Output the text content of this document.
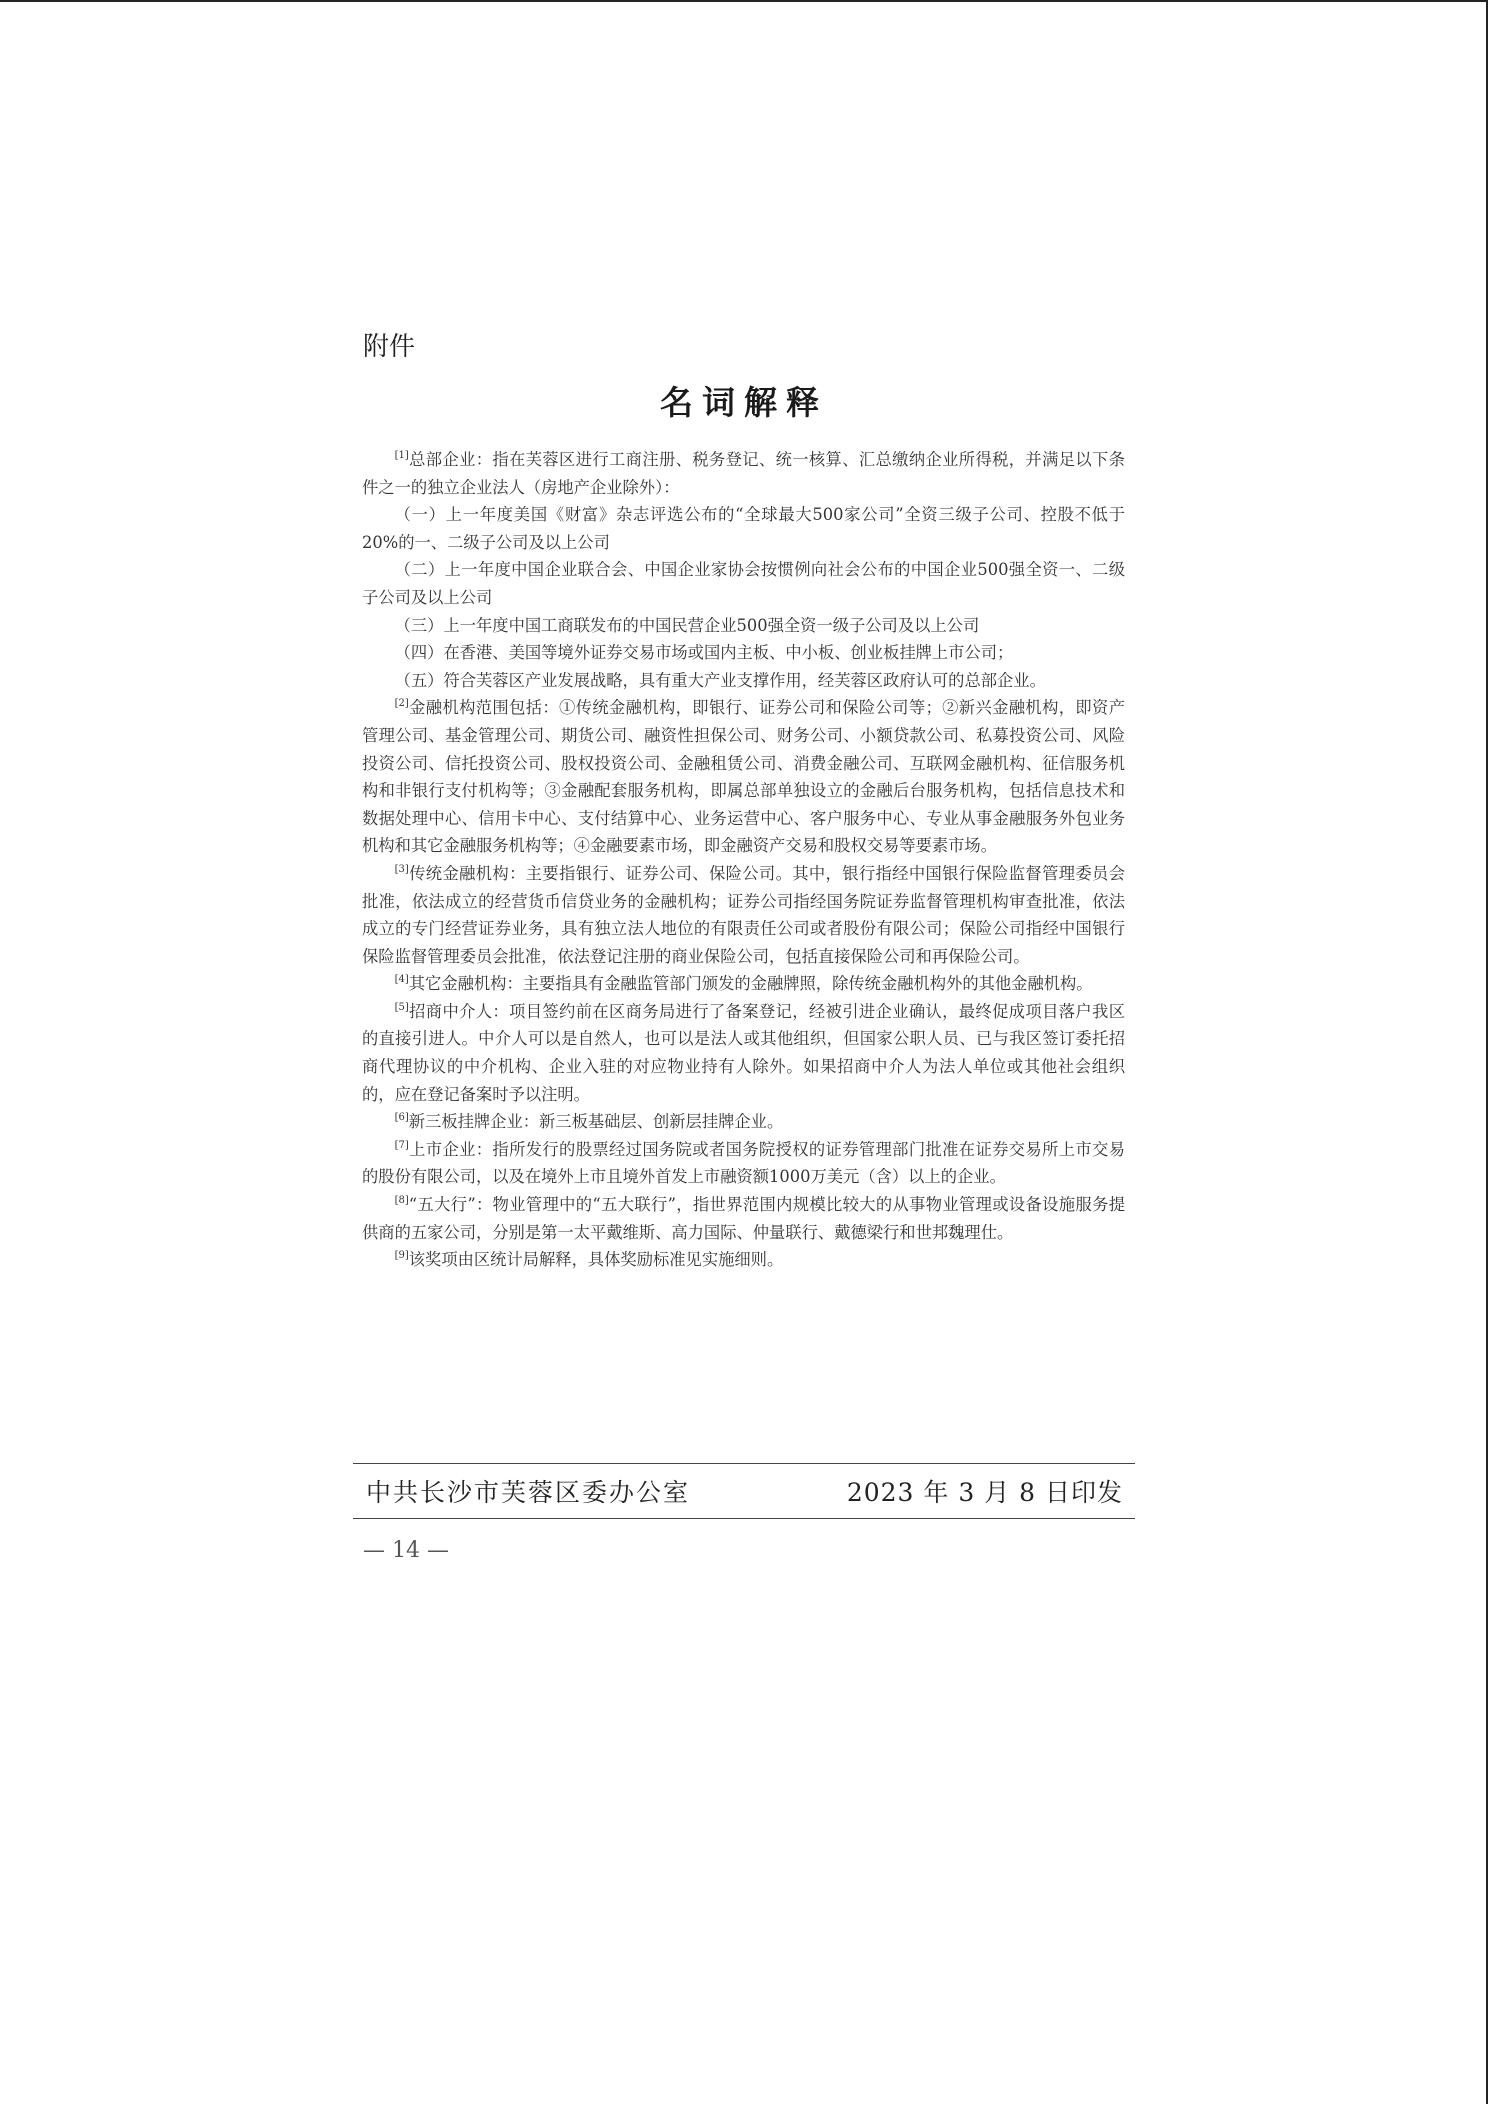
附件
名词解释

[1]总部企业：指在芙蓉区进行工商注册、税务登记、统一核算、汇总缴纳企业所得税，并满足以下条件之一的独立企业法人（房地产企业除外）：

（一）上一年度美国《财富》杂志评选公布的“全球最大500家公司”全资三级子公司、控股不低于 20%的一、二级子公司及以上公司

（二）上一年度中国企业联合会、中国企业家协会按惯例向社会公布的中国企业500强全资一、二级子公司及以上公司

（三）上一年度中国工商联发布的中国民营企业500强全资一级子公司及以上公司

（四）在香港、美国等境外证券交易市场或国内主板、中小板、创业板挂牌上市公司；

（五）符合芙蓉区产业发展战略，具有重大产业支撑作用，经芙蓉区政府认可的总部企业。

[2]金融机构范围包括：①传统金融机构，即银行、证券公司和保险公司等；②新兴金融机构，即资产管理公司、基金管理公司、期货公司、融资性担保公司、财务公司、小额贷款公司、私募投资公司、风险投资公司、信托投资公司、股权投资公司、金融租赁公司、消费金融公司、互联网金融机构、征信服务机构和非银行支付机构等；③金融配套服务机构，即属总部单独设立的金融后台服务机构，包括信息技术和数据处理中心、信用卡中心、支付结算中心、业务运营中心、客户服务中心、专业从事金融服务外包业务机构和其它金融服务机构等；④金融要素市场，即金融资产交易和股权交易等要素市场。

[3]传统金融机构：主要指银行、证券公司、保险公司。其中，银行指经中国银行保险监督管理委员会批准，依法成立的经营货币信贷业务的金融机构；证券公司指经国务院证券监督管理机构审查批准，依法成立的专门经营证券业务，具有独立法人地位的有限责任公司或者股份有限公司；保险公司指经中国银行保险监督管理委员会批准，依法登记注册的商业保险公司，包括直接保险公司和再保险公司。

[4]其它金融机构：主要指具有金融监管部门颁发的金融牌照，除传统金融机构外的其他金融机构。

[5]招商中介人：项目签约前在区商务局进行了备案登记，经被引进企业确认，最终促成项目落户我区的直接引进人。中介人可以是自然人，也可以是法人或其他组织，但国家公职人员、已与我区签订委托招商代理协议的中介机构、企业入驻的对应物业持有人除外。如果招商中介人为法人单位或其他社会组织的，应在登记备案时予以注明。

[6]新三板挂牌企业：新三板基础层、创新层挂牌企业。

[7]上市企业：指所发行的股票经过国务院或者国务院授权的证券管理部门批准在证券交易所上市交易的股份有限公司，以及在境外上市且境外首发上市融资额1000万美元（含）以上的企业。

[8]“五大行”：物业管理中的“五大联行”，指世界范围内规模比较大的从事物业管理或设备设施服务提供商的五家公司，分别是第一太平戴维斯、高力国际、仲量联行、戴德梁行和世邦魏理仕。

[9]该奖项由区统计局解释，具体奖励标准见实施细则。

中共长沙市芙蓉区委办公室	2023 年 3 月 8 日印发
— 14 —
